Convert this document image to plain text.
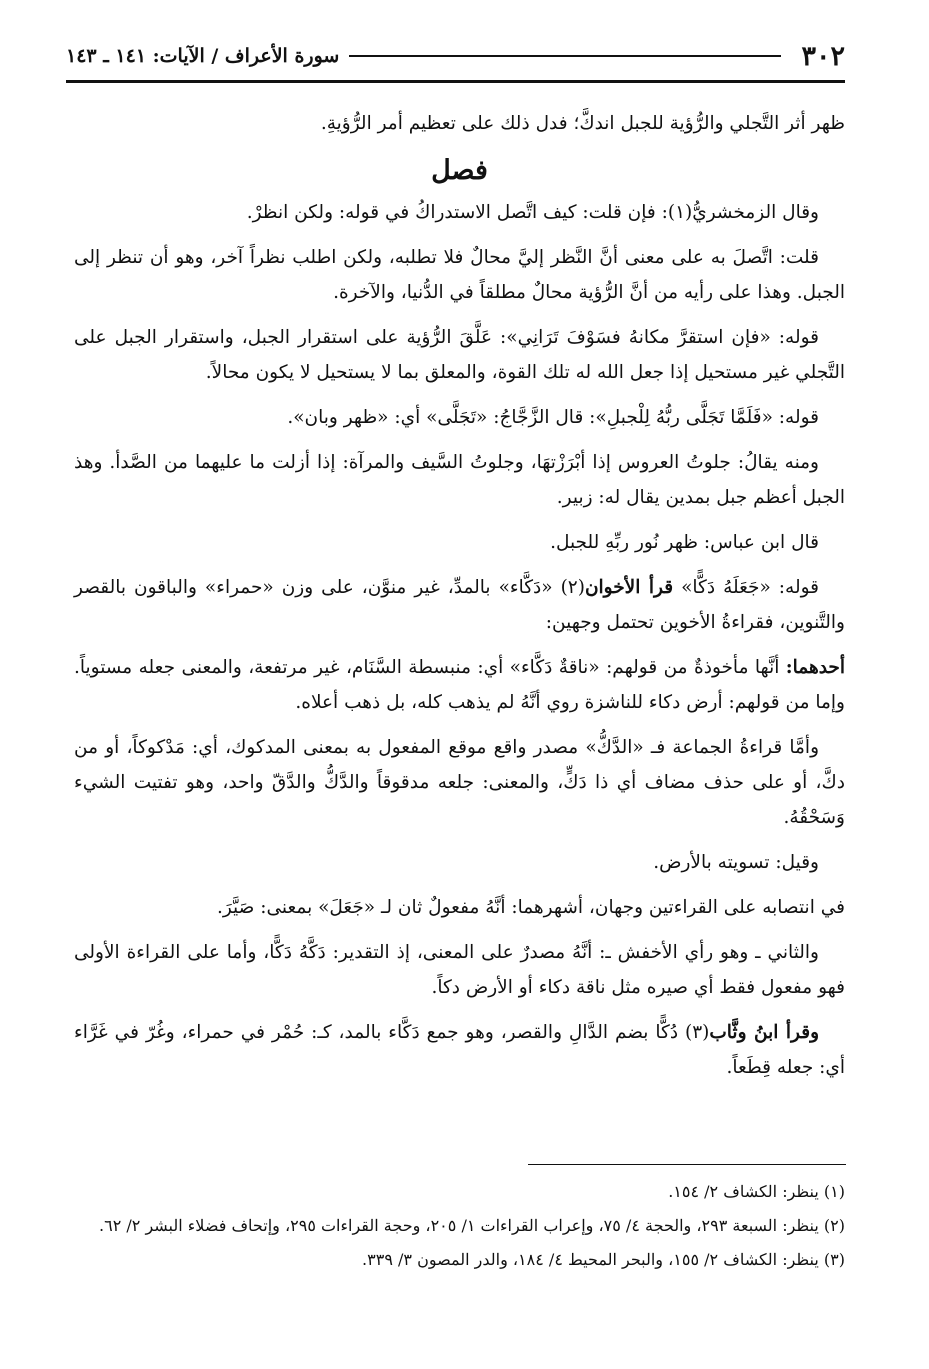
٣٠٢
سورة الأعراف / الآيات: ١٤١ ـ ١٤٣

ظهر أثر التَّجلي والرُّؤية للجبل اندكَّ؛ فدل ذلك على تعظيم أمر الرُّؤيةِ.

فصل

وقال الزمخشريُّ(١): فإن قلت: كيف اتَّصل الاستدراكُ في قوله: ولكن انظرْ.

قلت: اتَّصلَ به على معنى أنَّ النَّظر إليَّ محالٌ فلا تطلبه، ولكن اطلب نظراً آخر، وهو أن تنظر إلى الجبل. وهذا على رأيه من أنَّ الرُّؤية محالٌ مطلقاً في الدُّنيا، والآخرة.

قوله: «فإن استقرَّ مكانهُ فسَوْفَ تَرَانِي»: عَلَّقَ الرُّؤية على استقرار الجبل، واستقرار الجبل على التَّجلي غير مستحيل إذا جعل الله له تلك القوة، والمعلق بما لا يستحيل لا يكون محالاً.

قوله: «فَلَمَّا تَجَلَّى ربُّهُ لِلْجبلِ»: قال الزَّجَّاجُ: «تَجَلَّى» أي: «ظهر وبان».

ومنه يقالُ: جلوتُ العروس إذا أبْرَزْتهَا، وجلوتُ السَّيف والمرآة: إذا أزلت ما عليهما من الصَّدأ. وهذ الجبل أعظم جبل بمدين يقال له: زبير.

قال ابن عباس: ظهر نُور ربِّهِ للجبل.

قوله: «جَعَلَهُ دَكًّا» قرأ الأخوان(٢) «دَكَّاء» بالمدِّ، غير منوَّن، على وزن «حمراء» والباقون بالقصر والتَّنوين، فقراءةُ الأخوين تحتمل وجهين:

أحدهما: أنَّها مأخوذةٌ من قولهم: «ناقةٌ دَكَّاء» أي: منبسطة السَّنَام، غير مرتفعة، والمعنى جعله مستوياً. وإما من قولهم: أرض دكاء للناشزة روي أنَّهُ لم يذهب كله، بل ذهب أعلاه.

وأمَّا قراءةُ الجماعة فـ «الدَّكُّ» مصدر واقع موقع المفعول به بمعنى المدكوك، أي: مَدْكوكاً، أو من دكَّ، أو على حذف مضاف أي ذا دَكٍّ، والمعنى: جلعه مدقوقاً والدَّكُّ والدَّقّ واحد، وهو تفتيت الشيء وَسَحْقُهُ.

وقيل: تسويته بالأرض.

في انتصابه على القراءتين وجهان، أشهرهما: أنَّهُ مفعولٌ ثان لـ «جَعَلَ» بمعنى: صَيَّرَ.

والثاني ـ وهو رأي الأخفش ـ: أنَّهُ مصدرٌ على المعنى، إذ التقدير: دَكَّهُ دَكًّا، وأما على القراءة الأولى فهو مفعول فقط أي صيره مثل ناقة دكاء أو الأرض دكاً.

وقرأ ابنُ وثَّاب(٣) دُكًّا بضم الدَّالِ والقصر، وهو جمع دَكَّاء بالمد، كـ: حُمْر في حمراء، وغُرّ في غَرَّاء أي: جعله قِطَعاً.

(١) ينظر: الكشاف ٢/ ١٥٤.

(٢) ينظر: السبعة ٢٩٣، والحجة ٤/ ٧٥، وإعراب القراءات ١/ ٢٠٥، وحجة القراءات ٢٩٥، وإتحاف فضلاء البشر ٢/ ٦٢.

(٣) ينظر: الكشاف ٢/ ١٥٥، والبحر المحيط ٤/ ١٨٤، والدر المصون ٣/ ٣٣٩.
